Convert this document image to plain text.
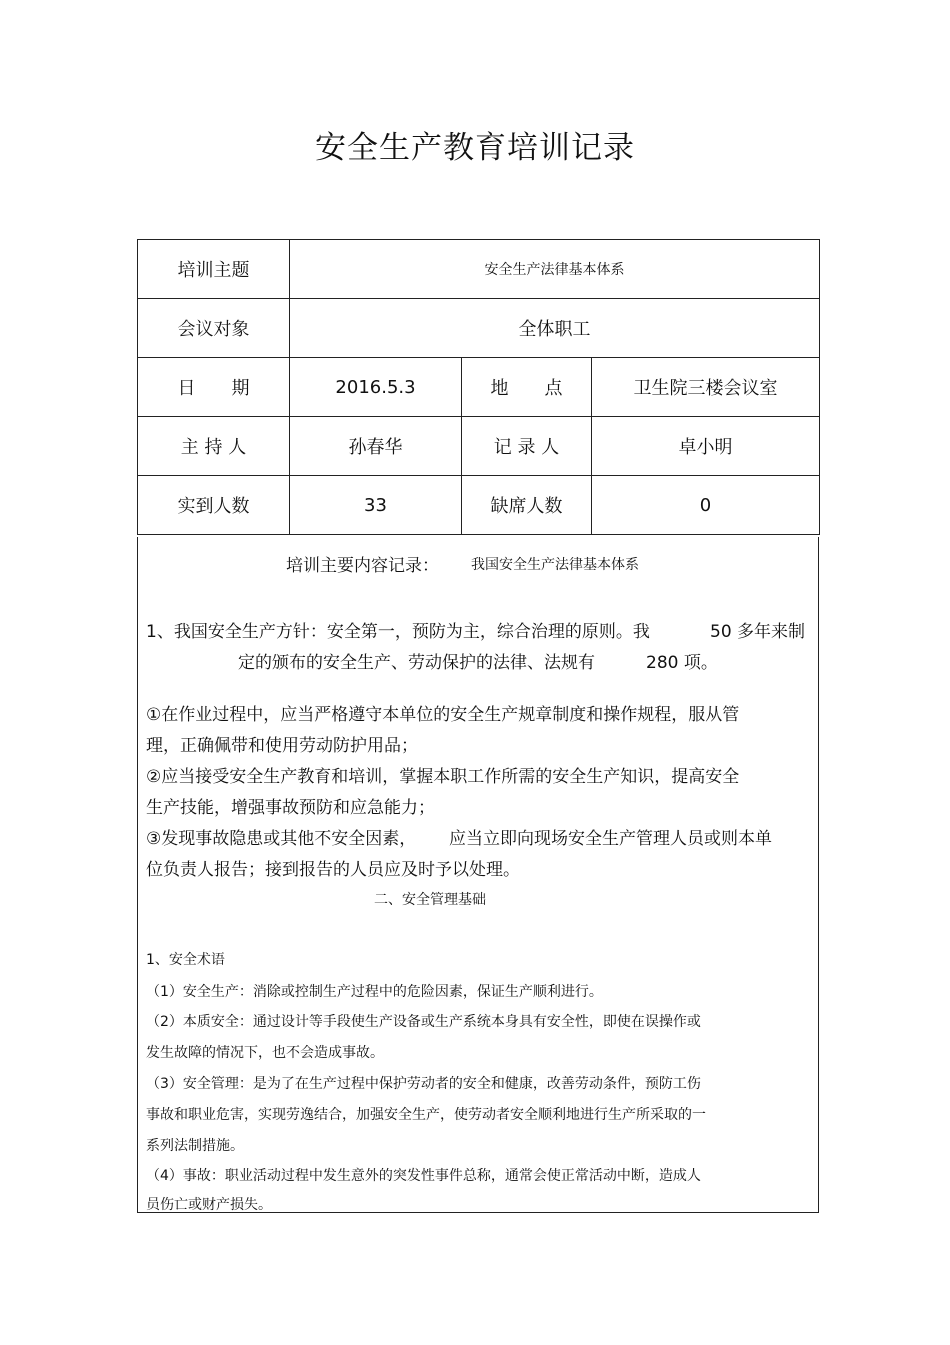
安全生产教育培训记录
培训主题	安全生产法律基本体系		
会议对象	全体职工		
日　　期	2016.5.3	地　　点	卫生院三楼会议室
主 持 人	孙春华	记 录 人	卓小明
实到人数	33	缺席人数	0
培训主要内容记录： 我国安全生产法律基本体系
1、我国安全生产方针：安全第一，预防为主，综合治理的原则。我	50 多年来制
定的颁布的安全生产、劳动保护的法律、法规有	280 项。
①在作业过程中，应当严格遵守本单位的安全生产规章制度和操作规程，服从管
理，正确佩带和使用劳动防护用品；
②应当接受安全生产教育和培训，掌握本职工作所需的安全生产知识，提高安全
生产技能，增强事故预防和应急能力；
③发现事故隐患或其他不安全因素， 应当立即向现场安全生产管理人员或则本单
位负责人报告；接到报告的人员应及时予以处理。
二、安全管理基础
1、安全术语
（1）安全生产：消除或控制生产过程中的危险因素，保证生产顺利进行。
（2）本质安全：通过设计等手段使生产设备或生产系统本身具有安全性，即使在误操作或
发生故障的情况下，也不会造成事故。
（3）安全管理：是为了在生产过程中保护劳动者的安全和健康，改善劳动条件，预防工伤
事故和职业危害，实现劳逸结合，加强安全生产，使劳动者安全顺利地进行生产所采取的一
系列法制措施。
（4）事故：职业活动过程中发生意外的突发性事件总称，通常会使正常活动中断，造成人
员伤亡或财产损失。
